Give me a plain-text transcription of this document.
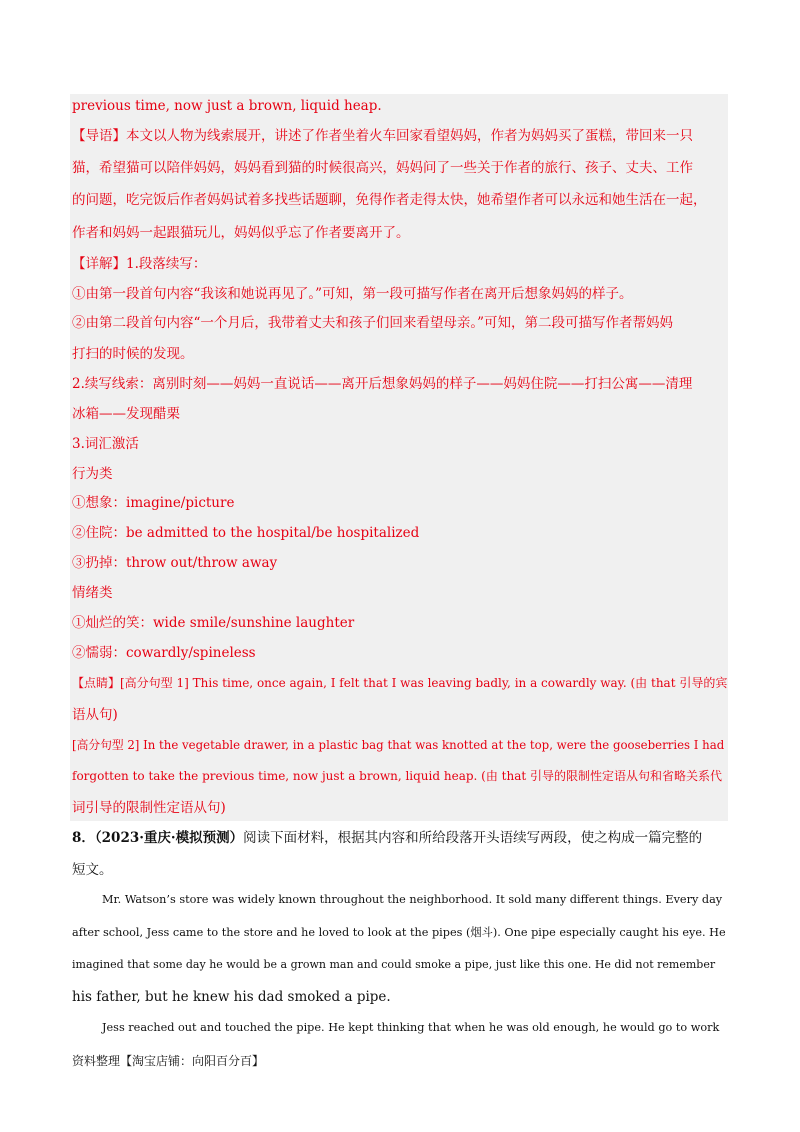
previous time, now just a brown, liquid heap.
【导语】本文以人物为线索展开，讲述了作者坐着火车回家看望妈妈，作者为妈妈买了蛋糕，带回来一只
猫，希望猫可以陪伴妈妈，妈妈看到猫的时候很高兴，妈妈问了一些关于作者的旅行、孩子、丈夫、工作
的问题，吃完饭后作者妈妈试着多找些话题聊，免得作者走得太快，她希望作者可以永远和她生活在一起，
作者和妈妈一起跟猫玩儿，妈妈似乎忘了作者要离开了。
【详解】1.段落续写：
①由第一段首句内容“我该和她说再见了。”可知，第一段可描写作者在离开后想象妈妈的样子。
②由第二段首句内容“一个月后，我带着丈夫和孩子们回来看望母亲。”可知，第二段可描写作者帮妈妈
打扫的时候的发现。
2.续写线索：离别时刻——妈妈一直说话——离开后想象妈妈的样子——妈妈住院——打扫公寓——清理
冰箱——发现醋栗
3.词汇激活
行为类
①想象：imagine/picture
②住院：be admitted to the hospital/be hospitalized
③扔掉：throw out/throw away
情绪类
①灿烂的笑：wide smile/sunshine laughter
②懦弱：cowardly/spineless
【点睛】[高分句型 1] This time, once again, I felt that I was leaving badly, in a cowardly way. (由 that 引导的宾
语从句)
[高分句型 2] In the vegetable drawer, in a plastic bag that was knotted at the top, were the gooseberries I had
forgotten to take the previous time, now just a brown, liquid heap. (由 that 引导的限制性定语从句和省略关系代
词引导的限制性定语从句)
8．（2023·重庆·模拟预测）阅读下面材料，根据其内容和所给段落开头语续写两段，使之构成一篇完整的
短文。
Mr. Watson’s store was widely known throughout the neighborhood. It sold many different things. Every day
after school, Jess came to the store and he loved to look at the pipes (烟斗). One pipe especially caught his eye. He
imagined that some day he would be a grown man and could smoke a pipe, just like this one. He did not remember
his father, but he knew his dad smoked a pipe.
Jess reached out and touched the pipe. He kept thinking that when he was old enough, he would go to work
资料整理【淘宝店铺：向阳百分百】
